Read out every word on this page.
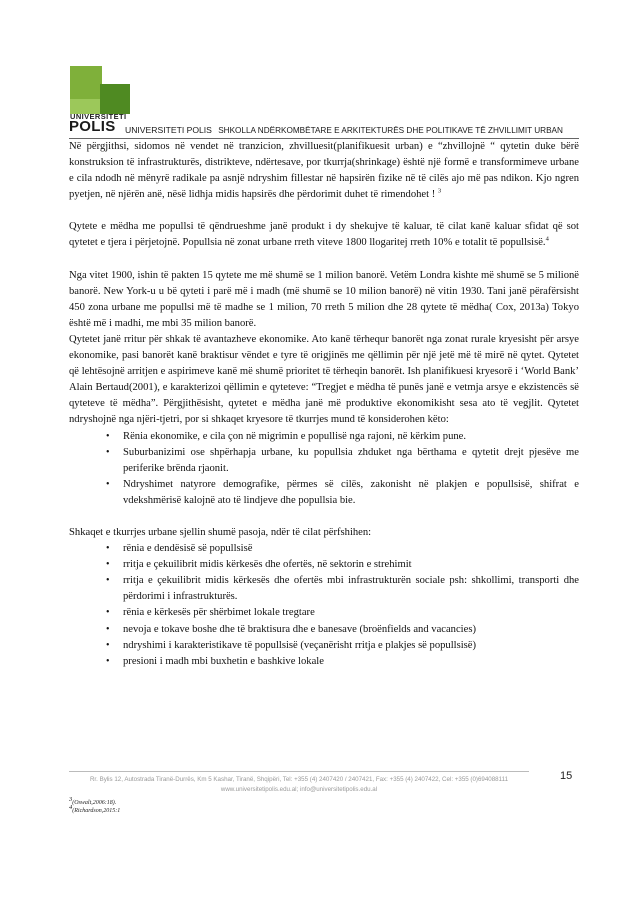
UNIVERSITETI
POLIS UNIVERSITETI POLIS SHKOLLA NDËRKOMBËTARE E ARKITEKTURËS DHE POLITIKAVE TË ZHVILLIMIT URBAN

Në përgjithsi, sidomos në vendet në tranzicion, zhvilluesit(planifikuesit urban) e “zhvillojnë “ qytetin duke bërë konstruksion të infrastrukturës, distrikteve, ndërtesave, por tkurrja(shrinkage) është një formë e transformimeve urbane e cila ndodh në mënyrë radikale pa asnjë ndryshim fillestar në hapsirën fizike në të cilës ajo më pas ndikon. Kjo ngren pyetjen, në njërën anë, nësë lidhja midis hapsirës dhe përdorimit duhet të rimendohet ! $^3$

Qytete e mëdha me popullsi të qëndrueshme janë produkt i dy shekujve të kaluar, të cilat kanë kaluar sfidat që sot qytetet e tjera i përjetojnë. Popullsia në zonat urbane rreth viteve 1800 llogaritej rreth 10% e totalit të popullsisë.$^4$

Nga vitet 1900, ishin të pakten 15 qytete me më shumë se 1 milion banorë. Vetëm Londra kishte më shumë se 5 milionë banorë. New York-u u bë qyteti i parë më i madh (më shumë se 10 milion banorë) në vitin 1930. Tani janë përafërsisht 450 zona urbane me popullsi më të madhe se 1 milion, 70 rreth 5 milion dhe 28 qytete të mëdha( Cox, 2013a) Tokyo është më i madhi, me mbi 35 milion banorë.

Qytetet janë rritur për shkak të avantazheve ekonomike. Ato kanë tërhequr banorët nga zonat rurale kryesisht për arsye ekonomike, pasi banorët kanë braktisur vëndet e tyre të origjinës me qëllimin për një jetë më të mirë në qytet. Qytetet që lehtësojnë arritjen e aspirimeve kanë më shumë prioritet të tërheqin banorët. Ish planifikuesi kryesorë i ‘World Bank’ Alain Bertaud(2001), e karakterizoi qëllimin e qyteteve: “Tregjet e mëdha të punës janë e vetmja arsye e ekzistencës së qyteteve të mëdha”. Përgjithësisht, qytetet e mëdha janë më produktive ekonomikisht sesa ato të vegjlit. Qytetet ndryshojnë nga njëri-tjetri, por si shkaqet kryesore të tkurrjes mund të konsiderohen këto:

• Rënia ekonomike, e cila çon në migrimin e popullisë nga rajoni, në kërkim pune.
• Suburbanizimi ose shpërhapja urbane, ku popullsia zhduket nga bërthama e qytetit drejt pjesëve me periferike brënda rjaonit.
• Ndryshimet natyrore demografike, përmes së cilës, zakonisht në plakjen e popullsisë, shifrat e vdekshmërisë kalojnë ato të lindjeve dhe popullsia bie.

Shkaqet e tkurrjes urbane sjellin shumë pasoja, ndër të cilat përfshihen:

• rënia e dendësisë së popullsisë
• rritja e çekuilibrit midis kërkesës dhe ofertës, në sektorin e strehimit
• rritja e çekuilibrit midis kërkesës dhe ofertës mbi infrastrukturën sociale psh: shkollimi, transporti dhe përdorimi i infrastrukturës.
• rënia e kërkesës për shërbimet lokale tregtare
• nevoja e tokave boshe dhe të braktisura dhe e banesave (broënfields and vacancies)
• ndryshimi i karakteristikave të popullsisë (veçanërisht rritja e plakjes së popullsisë)
• presioni i madh mbi buxhetin e bashkive lokale
Rr. Bylis 12, Autostrada Tiranë-Durrës, Km 5 Kashar, Tiranë, Shqipëri, Tel: +355 (4) 2407420 / 2407421, Fax: +355 (4) 2407422, Cel: +355 (0)694088111
www.universitetipolis.edu.al; info@universitetipolis.edu.al
15
$^3$(Oswalt,2006:18).
$^4$(Richardson,2015:1
